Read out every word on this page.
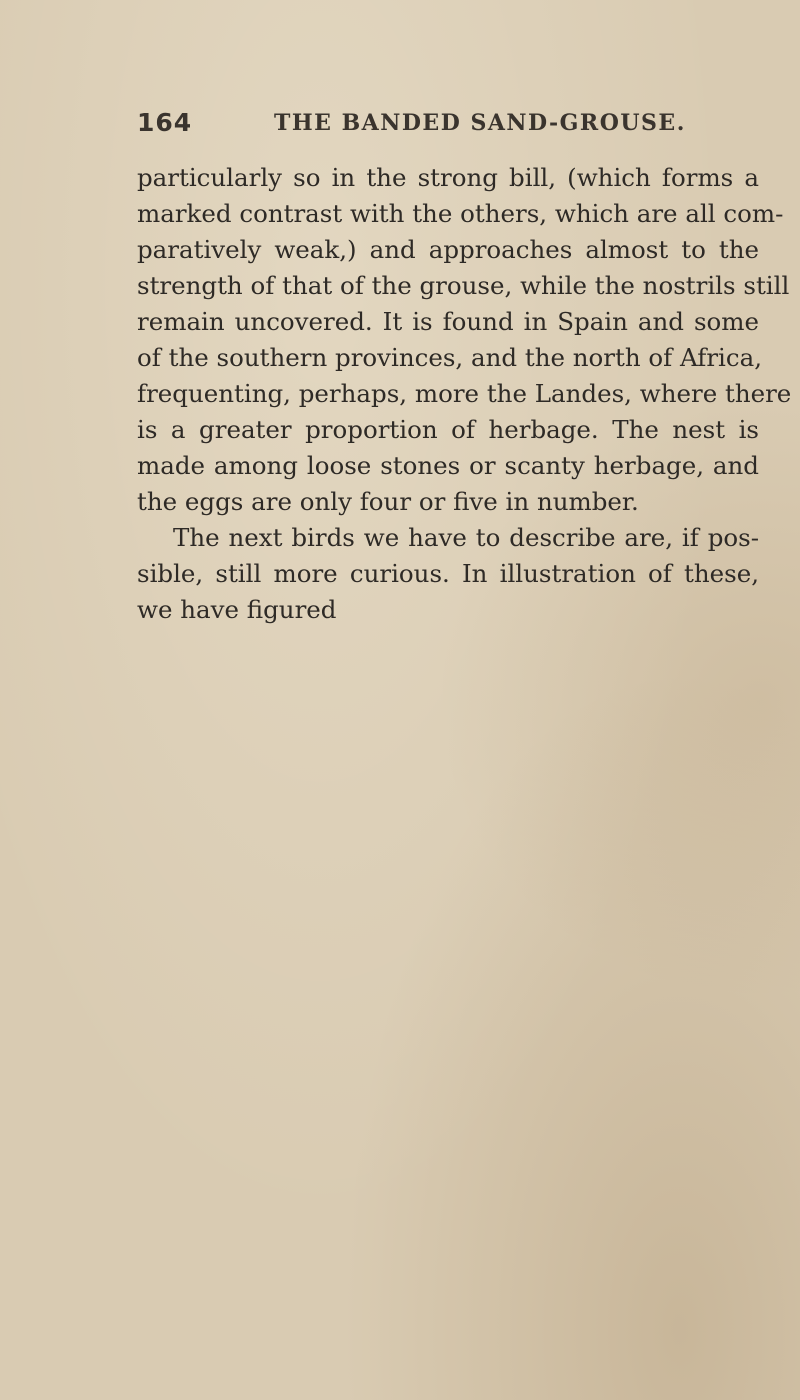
164	THE BANDED SAND-GROUSE.
particularly so in the strong bill, (which forms a
marked contrast with the others, which are all com-
paratively weak,) and approaches almost to the
strength of that of the grouse, while the nostrils still
remain uncovered. It is found in Spain and some
of the southern provinces, and the north of Africa,
frequenting, perhaps, more the Landes, where there
is a greater proportion of herbage. The nest is
made among loose stones or scanty herbage, and
the eggs are only four or five in number.
The next birds we have to describe are, if pos-
sible, still more curious. In illustration of these,
we have figured
